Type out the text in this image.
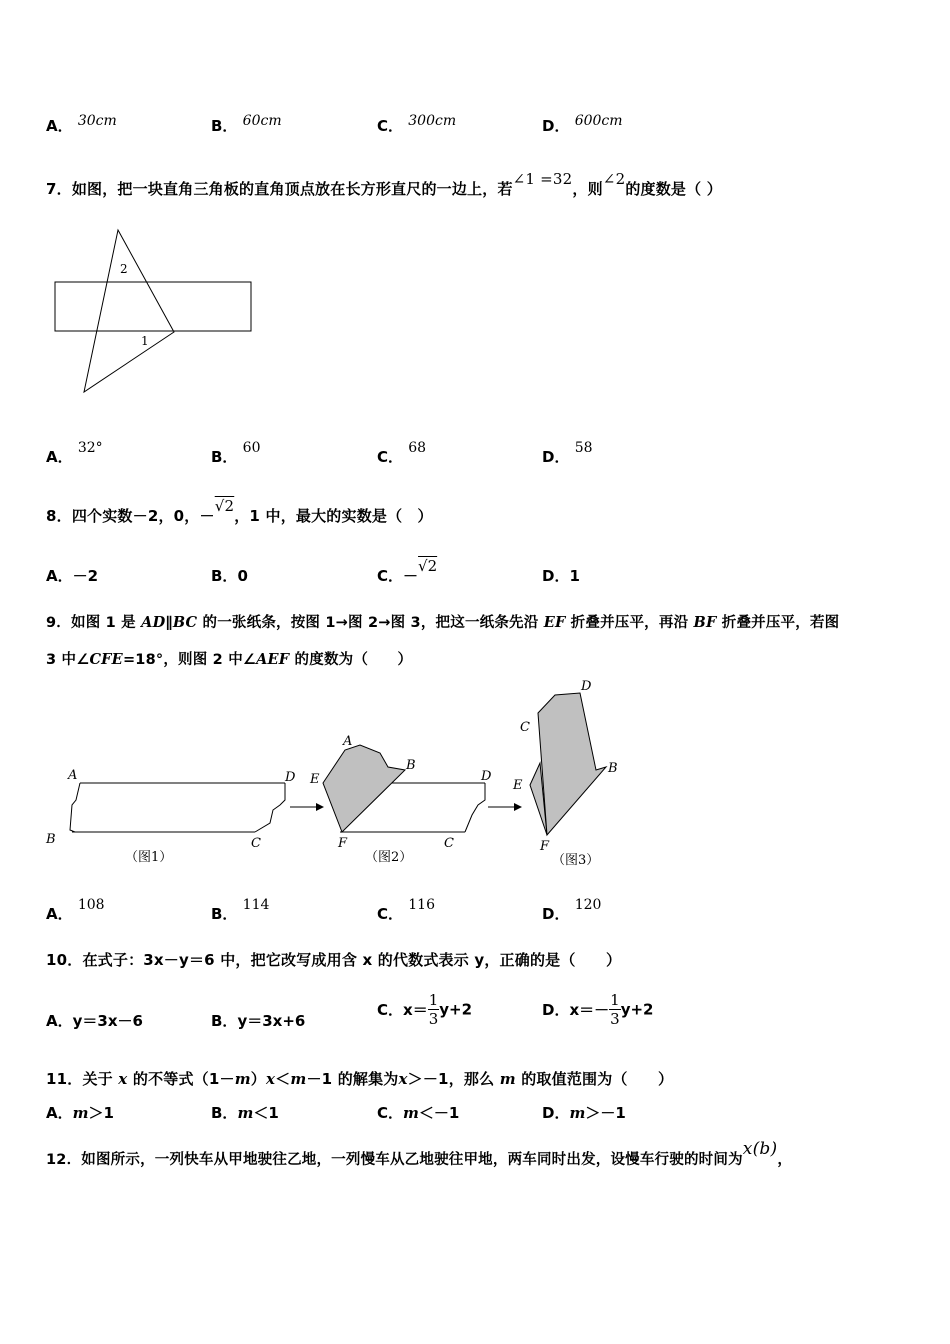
A． 30cm	B． 60cm	C． 300cm	D． 600cm
7．如图，把一块直角三角板的直角顶点放在长方形直尺的一边上，若∠1 =32，则∠2的度数是（ ）
2
1
A． 32°	B． 60	C． 68	D． 58
8．四个实数－2，0，－√2，1 中，最大的实数是（　）
A．－2	B．0	C．－√2
D．1
9．如图 1 是 AD∥BC 的一张纸条，按图 1→图 2→图 3，把这一纸条先沿 EF 折叠并压平，再沿 BF 折叠并压平，若图
3 中∠CFE=18°，则图 2 中∠AEF 的度数为（　　）
A
B	C
D
（图1）
A
B
C
D
E
F
（图2）
D
C
B
E
F
（图3）
A． 108	B． 114	C． 116	D． 120
10．在式子：3x－y＝6 中，把它改写成用含 x 的代数式表示 y，正确的是（　　）
A．y＝3x－6	B．y＝3x+6
C．$x= \frac{1}{3} y+2$	D．$x=- \frac{1}{3} y+2$
11．关于 x 的不等式（1－m）x＜m－1 的解集为x＞－1，那么 m 的取值范围为（　　）
A．m＞1	B．m＜1	C．m＜－1	D．m＞－1
12．如图所示，一列快车从甲地驶往乙地，一列慢车从乙地驶往甲地，两车同时出发，设慢车行驶的时间为x(b)，
